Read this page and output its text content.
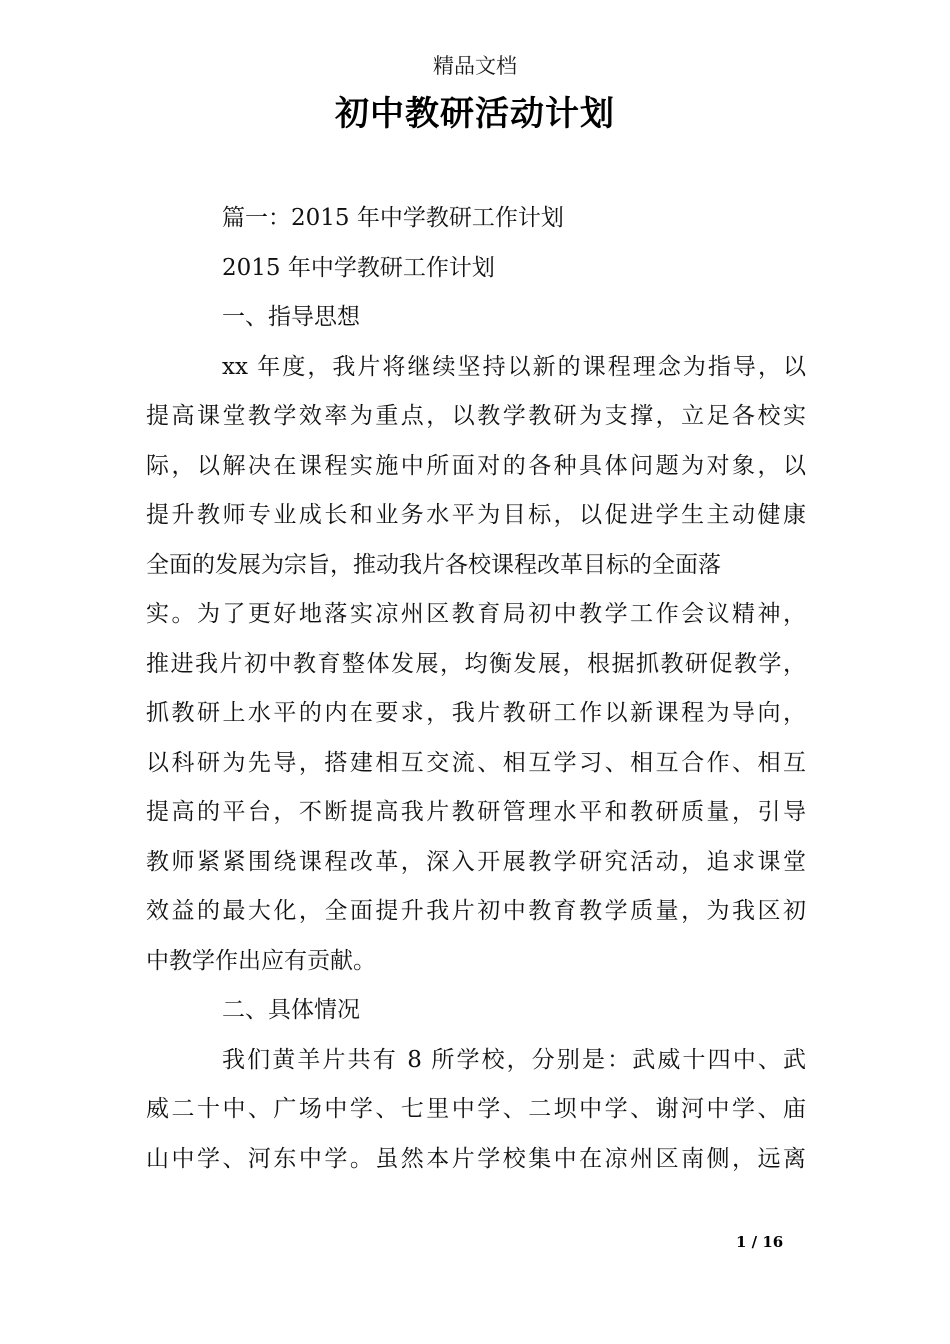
精品文档
初中教研活动计划
篇一：2015 年中学教研工作计划
2015 年中学教研工作计划
一、指导思想
xx 年度，我片将继续坚持以新的课程理念为指导，以
提高课堂教学效率为重点，以教学教研为支撑，立足各校实
际，以解决在课程实施中所面对的各种具体问题为对象，以
提升教师专业成长和业务水平为目标，以促进学生主动健康
全面的发展为宗旨，推动我片各校课程改革目标的全面落
实。为了更好地落实凉州区教育局初中教学工作会议精神，
推进我片初中教育整体发展，均衡发展，根据抓教研促教学，
抓教研上水平的内在要求，我片教研工作以新课程为导向，
以科研为先导，搭建相互交流、相互学习、相互合作、相互
提高的平台，不断提高我片教研管理水平和教研质量，引导
教师紧紧围绕课程改革，深入开展教学研究活动，追求课堂
效益的最大化，全面提升我片初中教育教学质量，为我区初
中教学作出应有贡献。
二、具体情况
我们黄羊片共有 8 所学校，分别是：武威十四中、武
威二十中、广场中学、七里中学、二坝中学、谢河中学、庙
山中学、河东中学。虽然本片学校集中在凉州区南侧，远离
1 / 16
